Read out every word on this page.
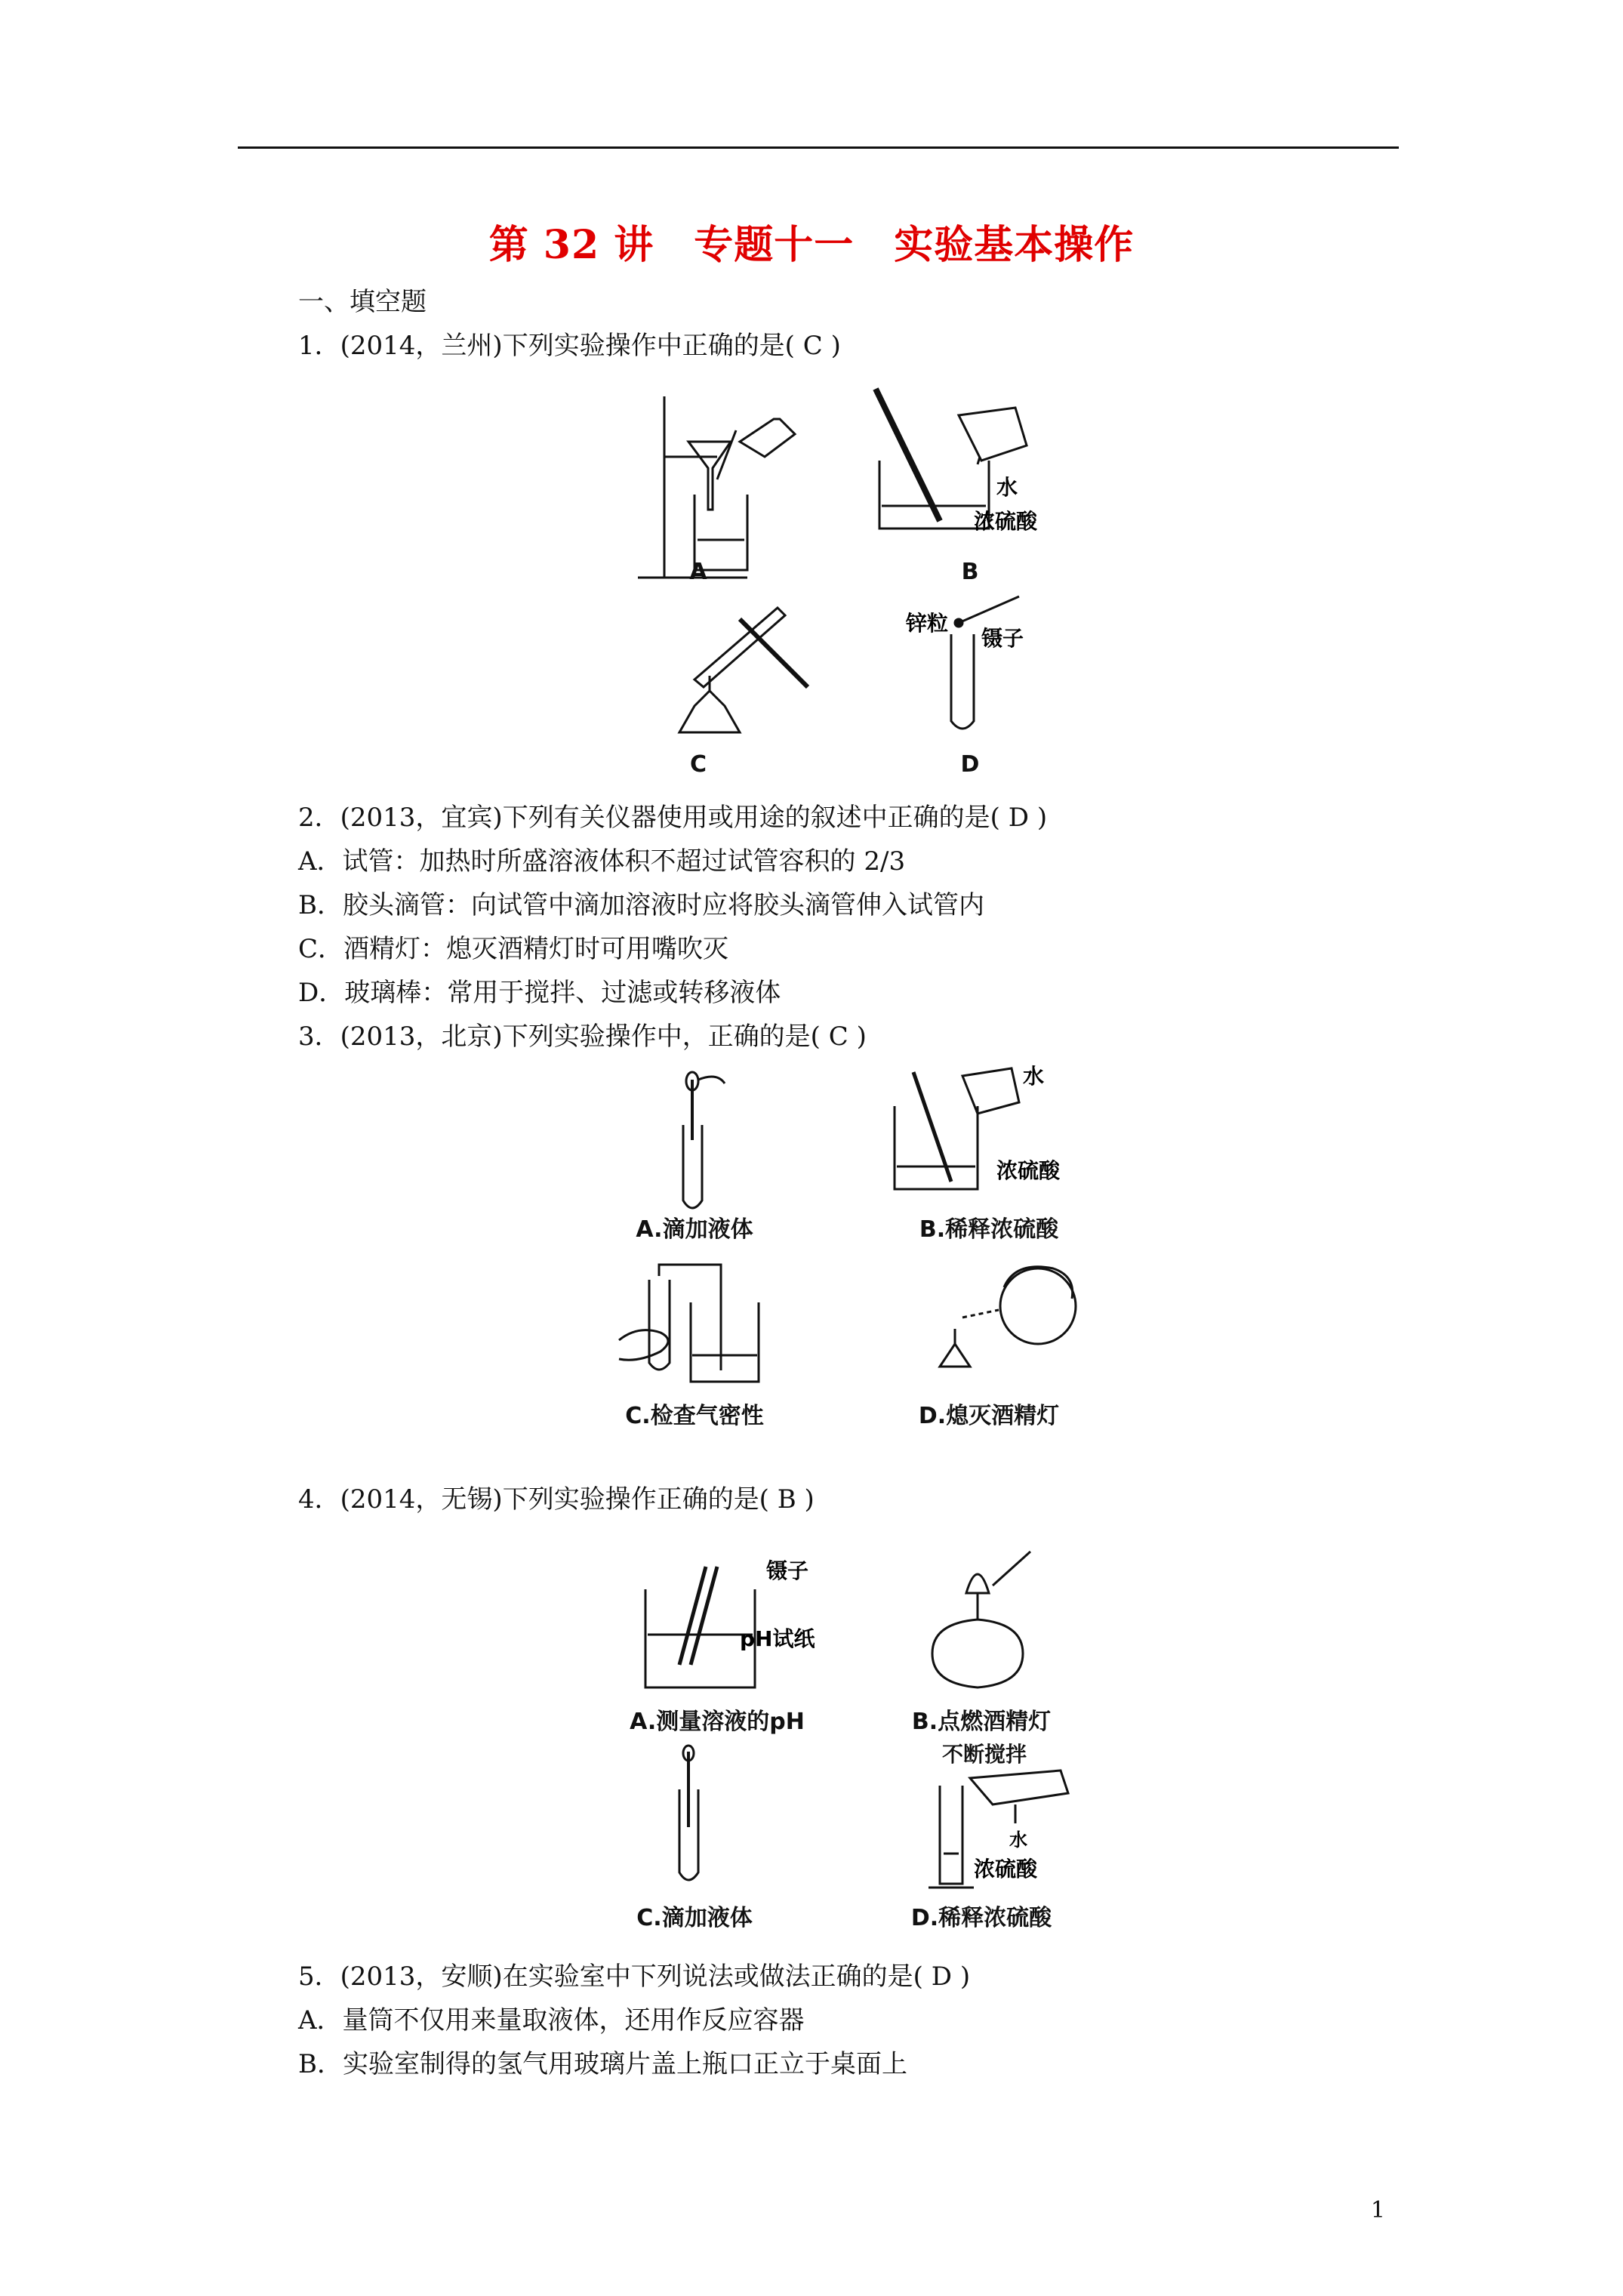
第 32 讲　专题十一　实验基本操作
一、填空题
1．(2014，兰州)下列实验操作中正确的是( C )
A
水
浓硫酸
B
C
锌粒
镊子
D
2．(2013，宜宾)下列有关仪器使用或用途的叙述中正确的是( D )
A．试管：加热时所盛溶液体积不超过试管容积的 2/3
B．胶头滴管：向试管中滴加溶液时应将胶头滴管伸入试管内
C．酒精灯：熄灭酒精灯时可用嘴吹灭
D．玻璃棒：常用于搅拌、过滤或转移液体
3．(2013，北京)下列实验操作中，正确的是( C )
A.滴加液体
水
浓硫酸
B.稀释浓硫酸
C.检查气密性	D.熄灭酒精灯
4．(2014，无锡)下列实验操作正确的是( B )
镊子
pH试纸
A.测量溶液的pH	B.点燃酒精灯
C.滴加液体
不断搅拌
水
浓硫酸
D.稀释浓硫酸
5．(2013，安顺)在实验室中下列说法或做法正确的是( D )
A．量筒不仅用来量取液体，还用作反应容器
B．实验室制得的氢气用玻璃片盖上瓶口正立于桌面上
1
